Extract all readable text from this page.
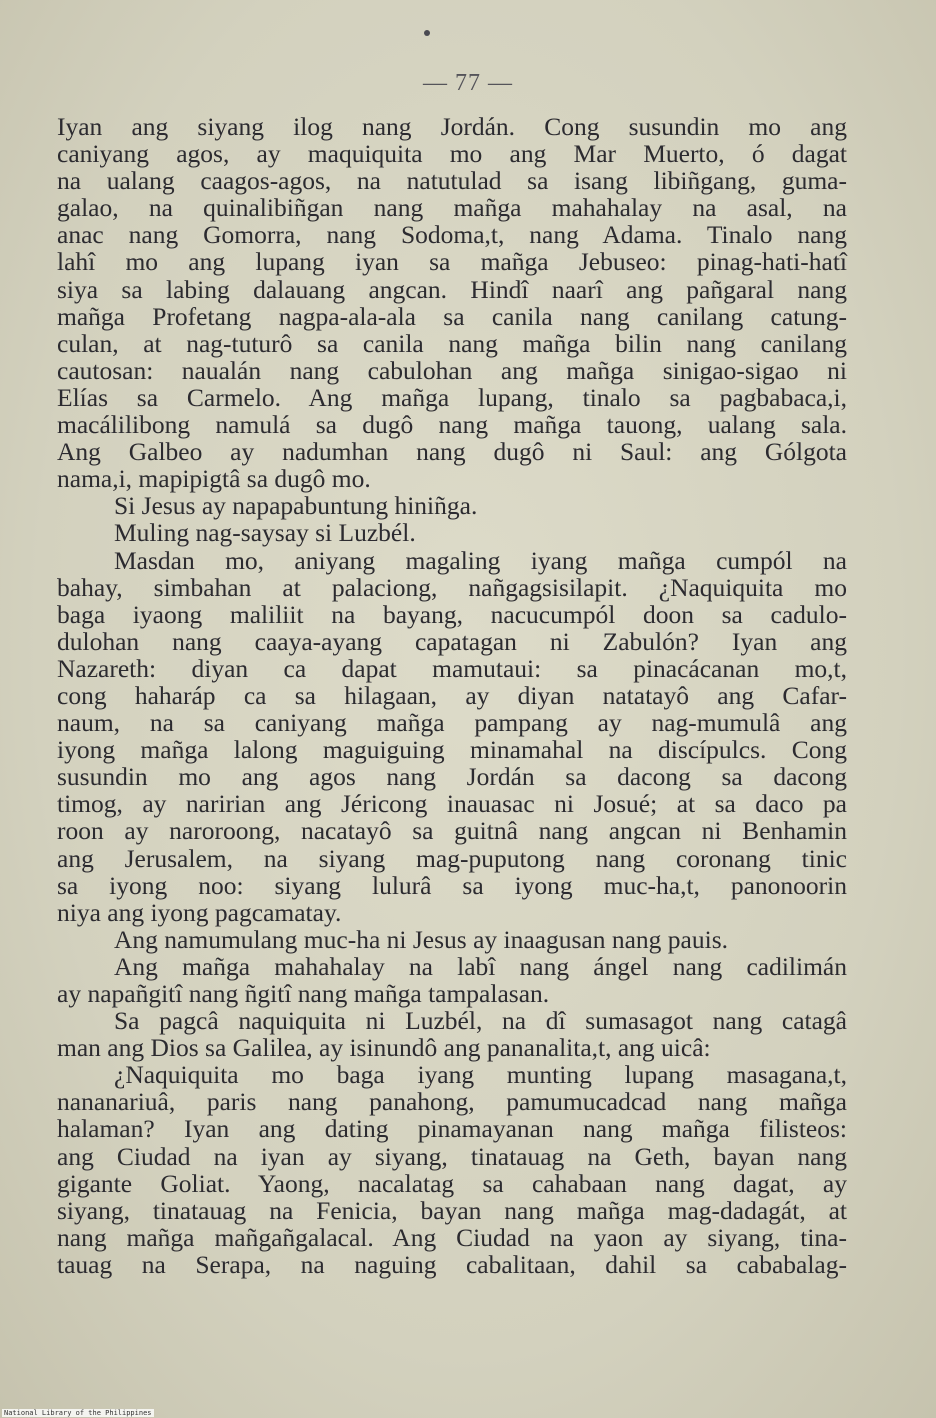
— 77 —
Iyan ang siyang ilog nang Jordán. Cong susundin mo ang
caniyang agos, ay maquiquita mo ang Mar Muerto, ó dagat
na ualang caagos-agos, na natutulad sa isang libiñgang, guma-
galao, na quinalibiñgan nang mañga mahahalay na asal, na
anac nang Gomorra, nang Sodoma,t, nang Adama. Tinalo nang
lahî mo ang lupang iyan sa mañga Jebuseo: pinag-hati-hatî
siya sa labing dalauang angcan. Hindî naarî ang pañgaral nang
mañga Profetang nagpa-ala-ala sa canila nang canilang catung-
culan, at nag-tuturô sa canila nang mañga bilin nang canilang
cautosan: naualán nang cabulohan ang mañga sinigao-sigao ni
Elías sa Carmelo. Ang mañga lupang, tinalo sa pagbabaca,i,
macálilibong namulá sa dugô nang mañga tauong, ualang sala.
Ang Galbeo ay nadumhan nang dugô ni Saul: ang Gólgota
nama,i, mapipigtâ sa dugô mo.
Si Jesus ay napapabuntung hiniñga.
Muling nag-saysay si Luzbél.
Masdan mo, aniyang magaling iyang mañga cumpól na
bahay, simbahan at palaciong, nañgagsisilapit. ¿Naquiquita mo
baga iyaong maliliit na bayang, nacucumpól doon sa cadulo-
dulohan nang caaya-ayang capatagan ni Zabulón? Iyan ang
Nazareth: diyan ca dapat mamutaui: sa pinacácanan mo,t,
cong haharáp ca sa hilagaan, ay diyan natatayô ang Cafar-
naum, na sa caniyang mañga pampang ay nag-mumulâ ang
iyong mañga lalong maguiguing minamahal na discípulcs. Cong
susundin mo ang agos nang Jordán sa dacong sa dacong
timog, ay naririan ang Jéricong inauasac ni Josué; at sa daco pa
roon ay naroroong, nacatayô sa guitnâ nang angcan ni Benhamin
ang Jerusalem, na siyang mag-puputong nang coronang tinic
sa iyong noo: siyang lulurâ sa iyong muc-ha,t, panonoorin
niya ang iyong pagcamatay.
Ang namumulang muc-ha ni Jesus ay inaagusan nang pauis.
Ang mañga mahahalay na labî nang ángel nang cadilimán
ay napañgitî nang ñgitî nang mañga tampalasan.
Sa pagcâ naquiquita ni Luzbél, na dî sumasagot nang catagâ
man ang Dios sa Galilea, ay isinundô ang pananalita,t, ang uicâ:
¿Naquiquita mo baga iyang munting lupang masagana,t,
nananariuâ, paris nang panahong, pamumucadcad nang mañga
halaman? Iyan ang dating pinamayanan nang mañga filisteos:
ang Ciudad na iyan ay siyang, tinatauag na Geth, bayan nang
gigante Goliat. Yaong, nacalatag sa cahabaan nang dagat, ay
siyang, tinatauag na Fenicia, bayan nang mañga mag-dadagát, at
nang mañga mañgañgalacal. Ang Ciudad na yaon ay siyang, tina-
tauag na Serapa, na naguing cabalitaan, dahil sa cababalag-
National Library of the Philippines
